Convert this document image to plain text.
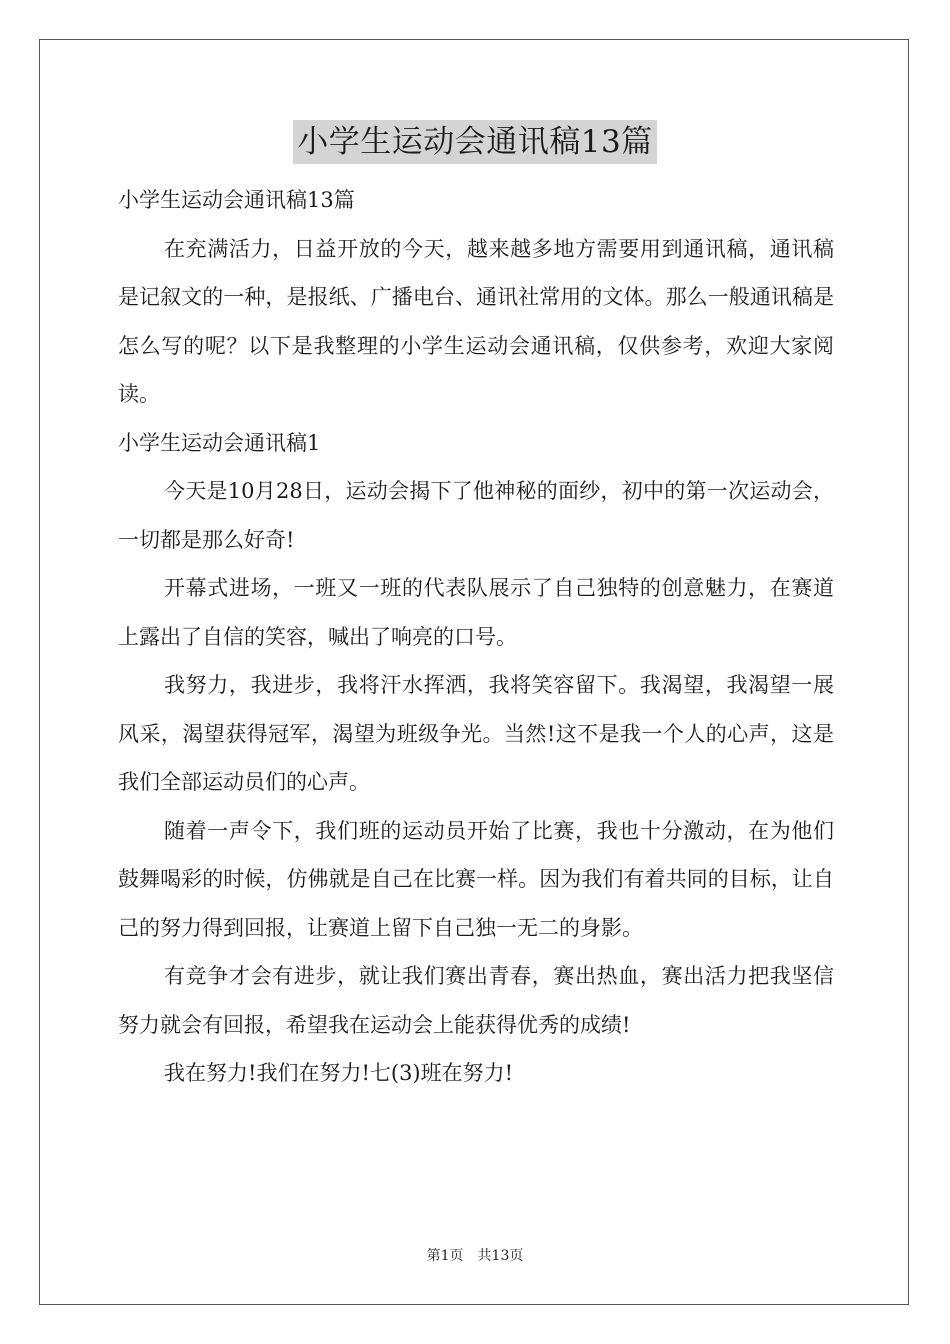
小学生运动会通讯稿13篇

小学生运动会通讯稿13篇

在充满活力，日益开放的今天，越来越多地方需要用到通讯稿，通讯稿是记叙文的一种，是报纸、广播电台、通讯社常用的文体。那么一般通讯稿是怎么写的呢？以下是我整理的小学生运动会通讯稿，仅供参考，欢迎大家阅读。

小学生运动会通讯稿1

今天是10月28日，运动会揭下了他神秘的面纱，初中的第一次运动会，一切都是那么好奇!

开幕式进场，一班又一班的代表队展示了自己独特的创意魅力，在赛道上露出了自信的笑容，喊出了响亮的口号。

我努力，我进步，我将汗水挥洒，我将笑容留下。我渴望，我渴望一展风采，渴望获得冠军，渴望为班级争光。当然!这不是我一个人的心声，这是我们全部运动员们的心声。

随着一声令下，我们班的运动员开始了比赛，我也十分激动，在为他们鼓舞喝彩的时候，仿佛就是自己在比赛一样。因为我们有着共同的目标，让自己的努力得到回报，让赛道上留下自己独一无二的身影。

有竞争才会有进步，就让我们赛出青春，赛出热血，赛出活力把我坚信努力就会有回报，希望我在运动会上能获得优秀的成绩!

我在努力!我们在努力!七(3)班在努力!

第1页 共13页
